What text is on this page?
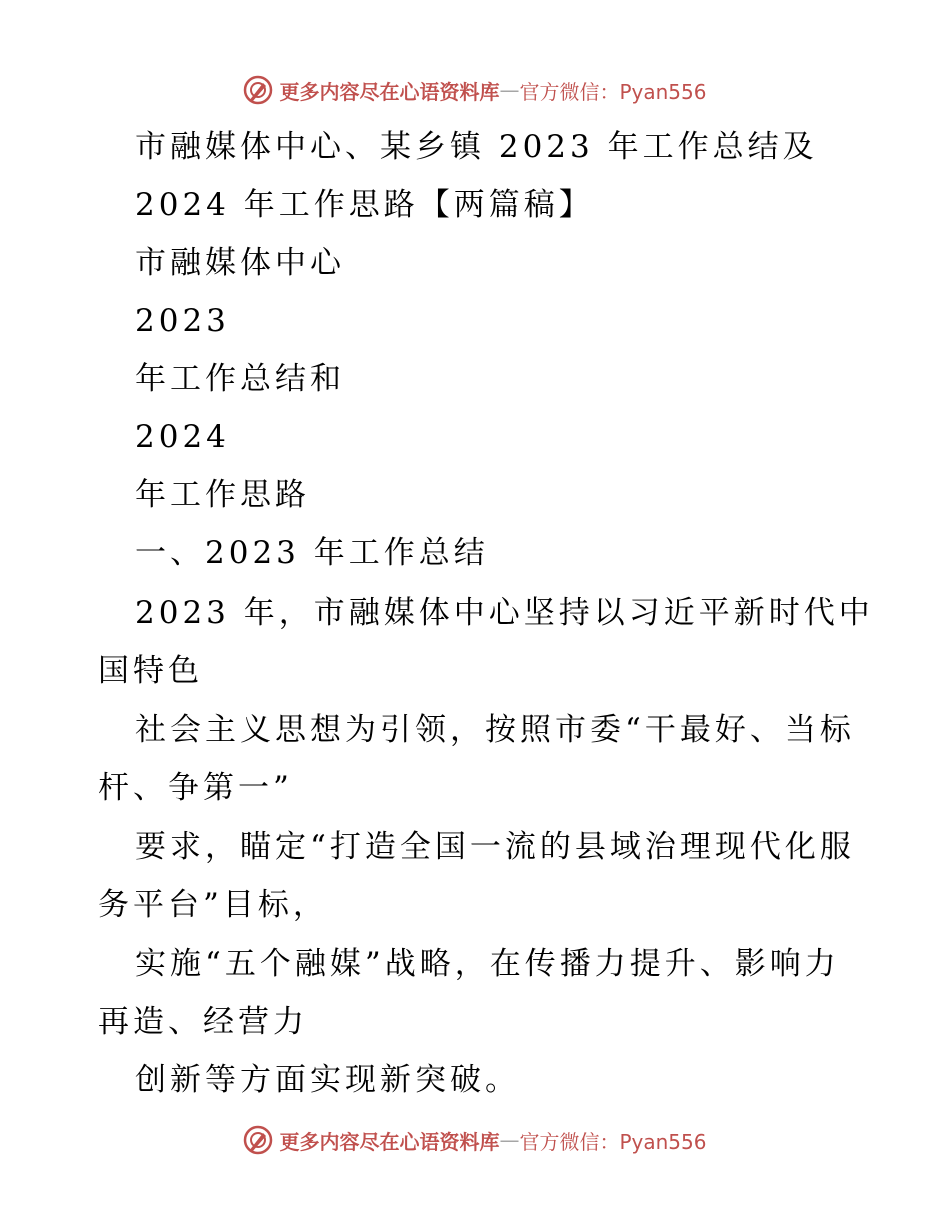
更多内容尽在心语资料库 — 官方微信：Pyan556
市融媒体中心、某乡镇 2023 年工作总结及
2024 年工作思路【两篇稿】
市融媒体中心
2023
年工作总结和
2024
年工作思路
一、2023 年工作总结
2023 年，市融媒体中心坚持以习近平新时代中
国特色
社会主义思想为引领，按照市委“干最好、当标
杆、争第一”
要求，瞄定“打造全国一流的县域治理现代化服
务平台”目标，
实施“五个融媒”战略，在传播力提升、影响力
再造、经营力
创新等方面实现新突破。
更多内容尽在心语资料库 — 官方微信：Pyan556
